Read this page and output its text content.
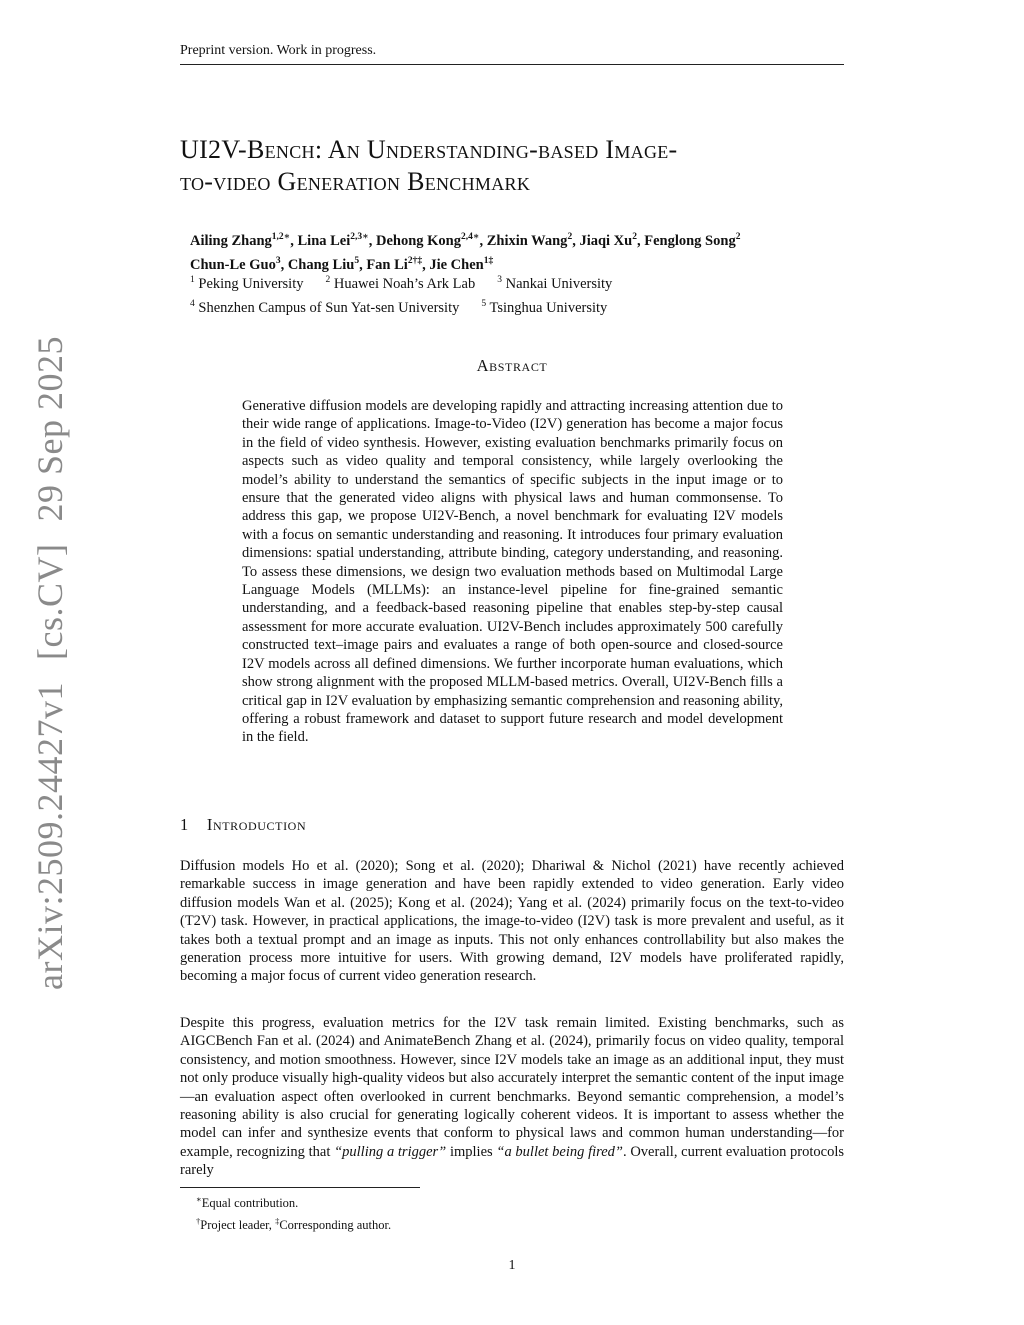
arXiv:2509.24427v1[cs.CV]29 Sep 2025
Preprint version. Work in progress.
UI2V-Bench: An Understanding-based Image-
to-video Generation Benchmark
Ailing Zhang$^{1,2∗}$, Lina Lei$^{2,3∗}$, Dehong Kong$^{2,4∗}$, Zhixin Wang$^2$, Jiaqi Xu$^2$, Fenglong Song$^2$
Chun-Le Guo$^3$, Chang Liu$^5$, Fan $Li^{2\dagger\ddagger}$, Jie Chen$^{1\ddagger}$
$^1$ Peking University $^2$ Huawei Noah’s Ark Lab $^3$ Nankai University
$^4$ Shenzhen Campus of Sun Yat-sen University $^5$ Tsinghua University
Abstract
Generative diffusion models are developing rapidly and attracting increasing attention due to their wide range of applications. Image-to-Video (I2V) generation has become a major focus in the field of video synthesis. However, existing evaluation benchmarks primarily focus on aspects such as video quality and temporal consistency, while largely overlooking the model’s ability to understand the semantics of specific subjects in the input image or to ensure that the generated video aligns with physical laws and human commonsense. To address this gap, we propose UI2V-Bench, a novel benchmark for evaluating I2V models with a focus on semantic understanding and reasoning. It introduces four primary evaluation dimensions: spatial understanding, attribute binding, category understanding, and reasoning. To assess these dimensions, we design two evaluation methods based on Multimodal Large Language Models (MLLMs): an instance-level pipeline for fine-grained semantic understanding, and a feedback-based reasoning pipeline that enables step-by-step causal assessment for more accurate evaluation. UI2V-Bench includes approximately 500 carefully constructed text–image pairs and evaluates a range of both open-source and closed-source I2V models across all defined dimensions. We further incorporate human evaluations, which show strong alignment with the proposed MLLM-based metrics. Overall, UI2V-Bench fills a critical gap in I2V evaluation by emphasizing semantic comprehension and reasoning ability, offering a robust framework and dataset to support future research and model development in the field.
1 Introduction
Diffusion models Ho et al. (2020); Song et al. (2020); Dhariwal & Nichol (2021) have recently achieved remarkable success in image generation and have been rapidly extended to video generation. Early video diffusion models Wan et al. (2025); Kong et al. (2024); Yang et al. (2024) primarily focus on the text-to-video (T2V) task. However, in practical applications, the image-to-video (I2V) task is more prevalent and useful, as it takes both a textual prompt and an image as inputs. This not only enhances controllability but also makes the generation process more intuitive for users. With growing demand, I2V models have proliferated rapidly, becoming a major focus of current video generation research.
Despite this progress, evaluation metrics for the I2V task remain limited. Existing benchmarks, such as AIGCBench Fan et al. (2024) and AnimateBench Zhang et al. (2024), primarily focus on video quality, temporal consistency, and motion smoothness. However, since I2V models take an image as an additional input, they must not only produce visually high-quality videos but also accurately interpret the semantic content of the input image—an evaluation aspect often overlooked in current benchmarks. Beyond semantic comprehension, a model’s reasoning ability is also crucial for generating logically coherent videos. It is important to assess whether the model can infer and synthesize events that conform to physical laws and common human understanding—for example, recognizing that “pulling a trigger” implies “a bullet being fired”. Overall, current evaluation protocols rarely
∗Equal contribution.
†Project leader, ‡Corresponding author.
1
